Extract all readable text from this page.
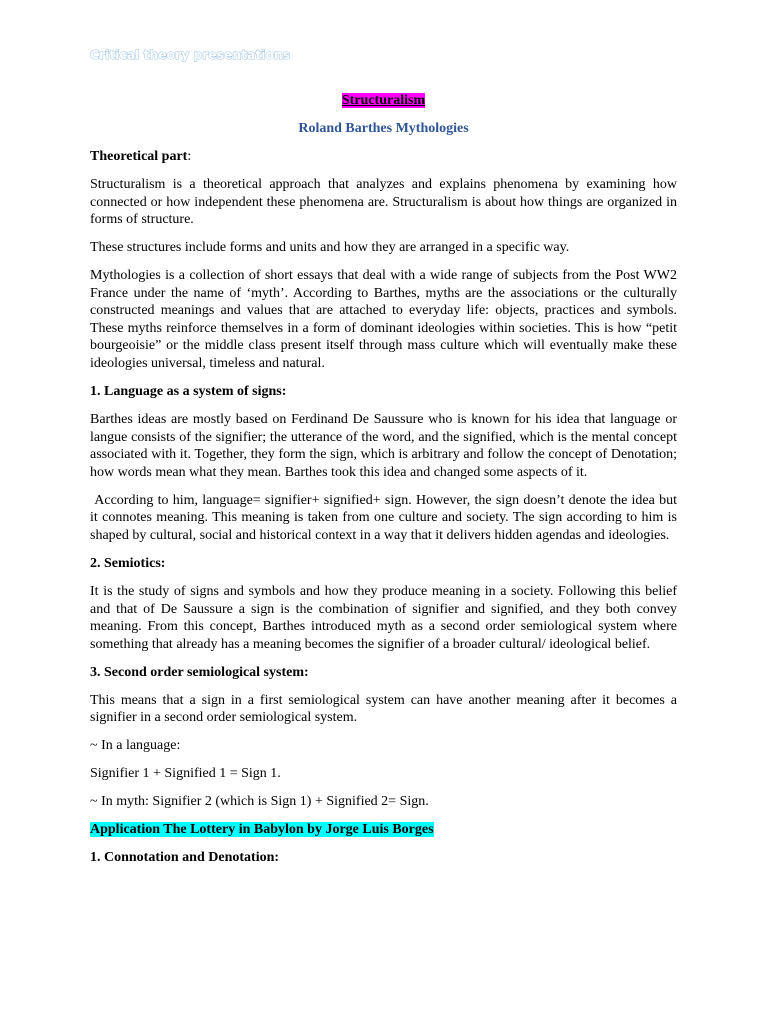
Critical theory presentations

Structuralism

Roland Barthes Mythologies

Theoretical part:

Structuralism is a theoretical approach that analyzes and explains phenomena by examining how connected or how independent these phenomena are. Structuralism is about how things are organized in forms of structure.

These structures include forms and units and how they are arranged in a specific way.

Mythologies is a collection of short essays that deal with a wide range of subjects from the Post WW2 France under the name of ‘myth’. According to Barthes, myths are the associations or the culturally constructed meanings and values that are attached to everyday life: objects, practices and symbols. These myths reinforce themselves in a form of dominant ideologies within societies. This is how “petit bourgeoisie” or the middle class present itself through mass culture which will eventually make these ideologies universal, timeless and natural.

1. Language as a system of signs:

Barthes ideas are mostly based on Ferdinand De Saussure who is known for his idea that language or langue consists of the signifier; the utterance of the word, and the signified, which is the mental concept associated with it. Together, they form the sign, which is arbitrary and follow the concept of Denotation; how words mean what they mean. Barthes took this idea and changed some aspects of it.

According to him, language= signifier+ signified+ sign. However, the sign doesn’t denote the idea but it connotes meaning. This meaning is taken from one culture and society. The sign according to him is shaped by cultural, social and historical context in a way that it delivers hidden agendas and ideologies.

2. Semiotics:

It is the study of signs and symbols and how they produce meaning in a society. Following this belief and that of De Saussure a sign is the combination of signifier and signified, and they both convey meaning. From this concept, Barthes introduced myth as a second order semiological system where something that already has a meaning becomes the signifier of a broader cultural/ ideological belief.

3. Second order semiological system:

This means that a sign in a first semiological system can have another meaning after it becomes a signifier in a second order semiological system.

~ In a language:

Signifier 1 + Signified 1 = Sign 1.

~ In myth: Signifier 2 (which is Sign 1) + Signified 2= Sign.

Application The Lottery in Babylon by Jorge Luis Borges

1. Connotation and Denotation:
